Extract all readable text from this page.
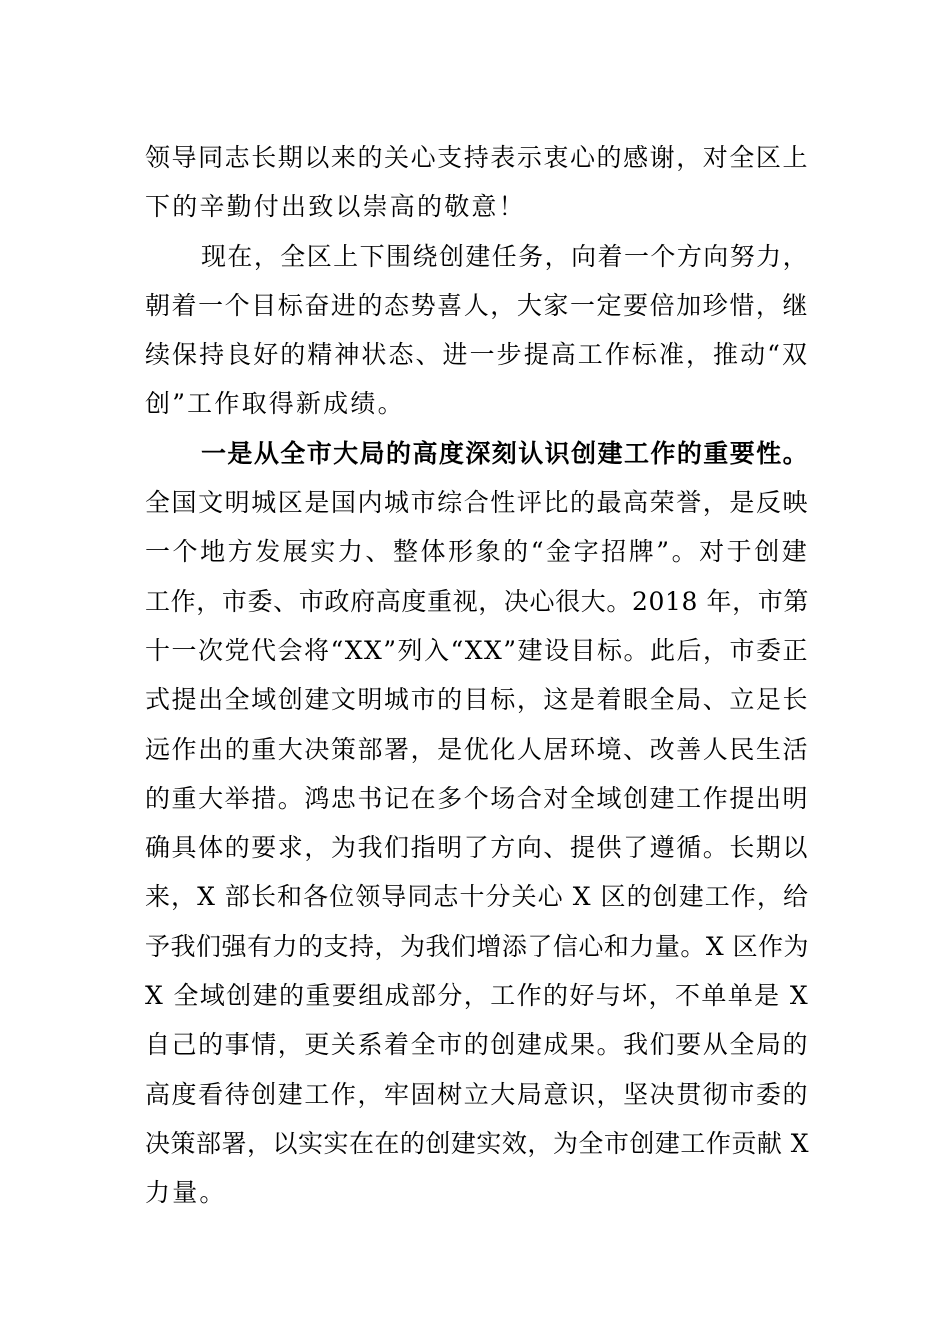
领导同志长期以来的关心支持表示衷心的感谢，对全区上
下的辛勤付出致以崇高的敬意！
现在，全区上下围绕创建任务，向着一个方向努力，
朝着一个目标奋进的态势喜人，大家一定要倍加珍惜，继
续保持良好的精神状态、进一步提高工作标准，推动“双
创”工作取得新成绩。
一是从全市大局的高度深刻认识创建工作的重要性。
全国文明城区是国内城市综合性评比的最高荣誉，是反映
一个地方发展实力、整体形象的“金字招牌”。对于创建
工作，市委、市政府高度重视，决心很大。2018 年，市第
十一次党代会将“XX”列入“XX”建设目标。此后，市委正
式提出全域创建文明城市的目标，这是着眼全局、立足长
远作出的重大决策部署，是优化人居环境、改善人民生活
的重大举措。鸿忠书记在多个场合对全域创建工作提出明
确具体的要求，为我们指明了方向、提供了遵循。长期以
来，X 部长和各位领导同志十分关心 X 区的创建工作，给
予我们强有力的支持，为我们增添了信心和力量。X 区作为
X 全域创建的重要组成部分，工作的好与坏，不单单是 X
自己的事情，更关系着全市的创建成果。我们要从全局的
高度看待创建工作，牢固树立大局意识，坚决贯彻市委的
决策部署，以实实在在的创建实效，为全市创建工作贡献 X
力量。
